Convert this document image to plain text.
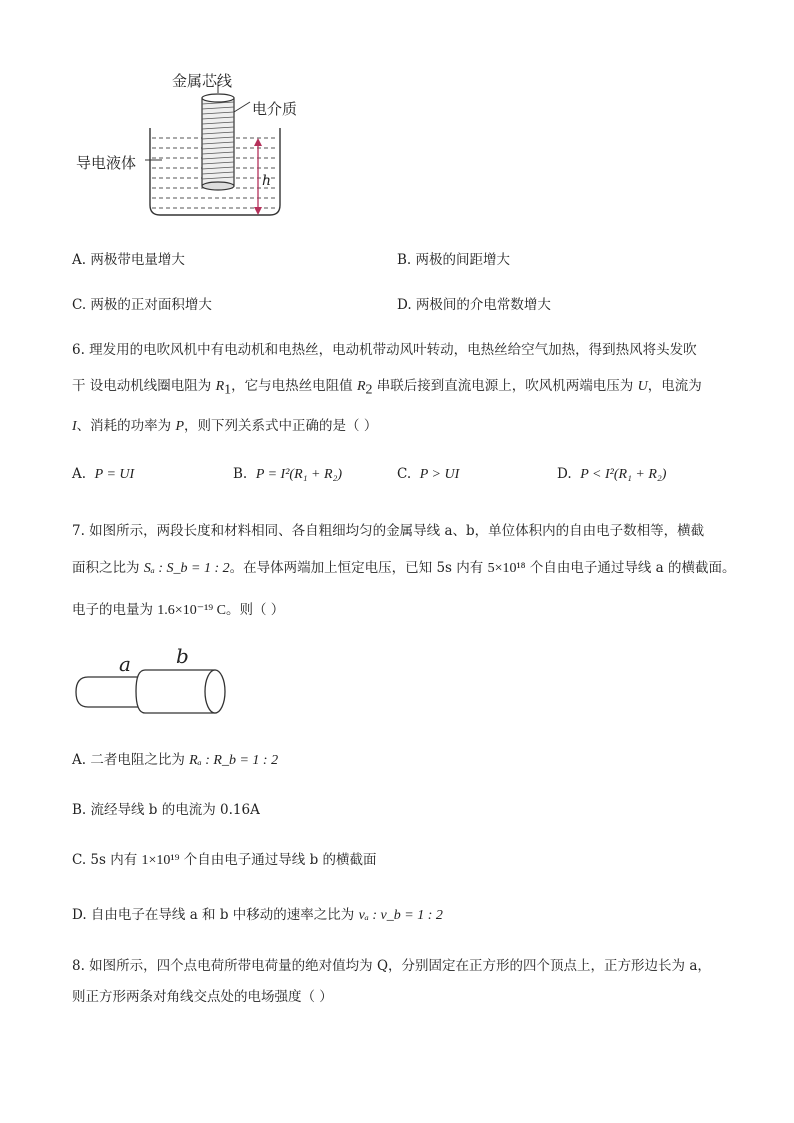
金属芯线
电介质
导电液体
h
A. 两极带电量增大	B. 两极的间距增大
C. 两极的正对面积增大	D. 两极间的介电常数增大
6. 理发用的电吹风机中有电动机和电热丝，电动机带动风叶转动，电热丝给空气加热，得到热风将头发吹
干 设电动机线圈电阻为 $R_1$，它与电热丝电阻值 $R_2$ 串联后接到直流电源上，吹风机两端电压为 U，电流为
I、消耗的功率为 P，则下列关系式中正确的是（ ）
A. P = UI	B. P = I²(R₁ + R₂)	C. P > UI	D. P < I²(R₁ + R₂)
7. 如图所示，两段长度和材料相同、各自粗细均匀的金属导线 a、b，单位体积内的自由电子数相等，横截
面积之比为 Sₐ : S_b = 1 : 2。在导体两端加上恒定电压，已知 5s 内有 5×10¹⁸ 个自由电子通过导线 a 的横截面。
电子的电量为 1.6×10⁻¹⁹ C。则（ ）
a b
A. 二者电阻之比为 Rₐ : R_b = 1 : 2
B. 流经导线 b 的电流为 0.16A
C. 5s 内有 1×10¹⁹ 个自由电子通过导线 b 的横截面
D. 自由电子在导线 a 和 b 中移动的速率之比为 vₐ : v_b = 1 : 2
8. 如图所示，四个点电荷所带电荷量的绝对值均为 Q，分别固定在正方形的四个顶点上，正方形边长为 a，
则正方形两条对角线交点处的电场强度（ ）
